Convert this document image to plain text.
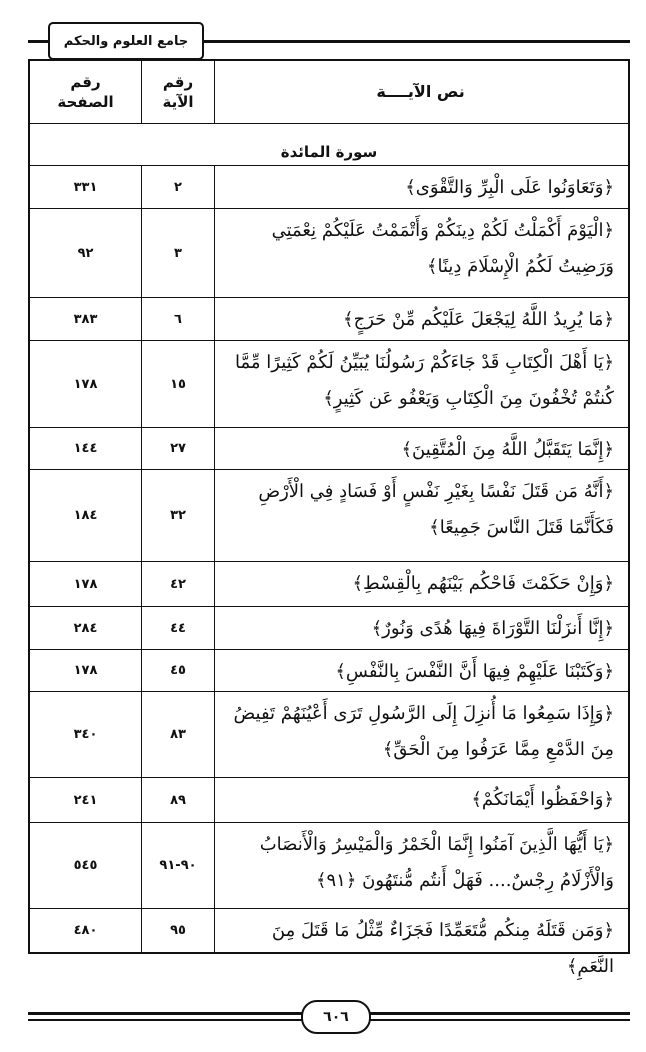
جامع العلوم والحكم
نص الآيــــة
رقم
الآية
رقم
الصفحة
سورة المائدة
﴿وَتَعَاوَنُوا عَلَى الْبِرِّ وَالتَّقْوَى﴾
٢
٣٣١
﴿الْيَوْمَ أَكْمَلْتُ لَكُمْ دِينَكُمْ وَأَتْمَمْتُ عَلَيْكُمْ نِعْمَتِي وَرَضِيتُ لَكُمُ الْإِسْلَامَ دِينًا﴾
٣
٩٢
﴿مَا يُرِيدُ اللَّهُ لِيَجْعَلَ عَلَيْكُم مِّنْ حَرَجٍ﴾
٦
٣٨٣
﴿يَا أَهْلَ الْكِتَابِ قَدْ جَاءَكُمْ رَسُولُنَا يُبَيِّنُ لَكُمْ كَثِيرًا مِّمَّا كُنتُمْ تُخْفُونَ مِنَ الْكِتَابِ وَيَعْفُو عَن كَثِيرٍ﴾
١٥
١٧٨
﴿إِنَّمَا يَتَقَبَّلُ اللَّهُ مِنَ الْمُتَّقِينَ﴾
٢٧
١٤٤
﴿أَنَّهُ مَن قَتَلَ نَفْسًا بِغَيْرِ نَفْسٍ أَوْ فَسَادٍ فِي الْأَرْضِ فَكَأَنَّمَا قَتَلَ النَّاسَ جَمِيعًا﴾
٣٢
١٨٤
﴿وَإِنْ حَكَمْتَ فَاحْكُم بَيْنَهُم بِالْقِسْطِ﴾
٤٢
١٧٨
﴿إِنَّا أَنزَلْنَا التَّوْرَاةَ فِيهَا هُدًى وَنُورٌ﴾
٤٤
٢٨٤
﴿وَكَتَبْنَا عَلَيْهِمْ فِيهَا أَنَّ النَّفْسَ بِالنَّفْسِ﴾
٤٥
١٧٨
﴿وَإِذَا سَمِعُوا مَا أُنزِلَ إِلَى الرَّسُولِ تَرَى أَعْيُنَهُمْ تَفِيضُ مِنَ الدَّمْعِ مِمَّا عَرَفُوا مِنَ الْحَقِّ﴾
٨٣
٣٤٠
﴿وَاحْفَظُوا أَيْمَانَكُمْ﴾
٨٩
٢٤١
﴿يَا أَيُّهَا الَّذِينَ آمَنُوا إِنَّمَا الْخَمْرُ وَالْمَيْسِرُ وَالْأَنصَابُ وَالْأَزْلَامُ رِجْسٌ.... فَهَلْ أَنتُم مُّنتَهُونَ ﴿٩١﴾
٩٠-٩١
٥٤٥
﴿وَمَن قَتَلَهُ مِنكُم مُّتَعَمِّدًا فَجَزَاءٌ مِّثْلُ مَا قَتَلَ مِنَ النَّعَمِ﴾
٩٥
٤٨٠
٦٠٦
